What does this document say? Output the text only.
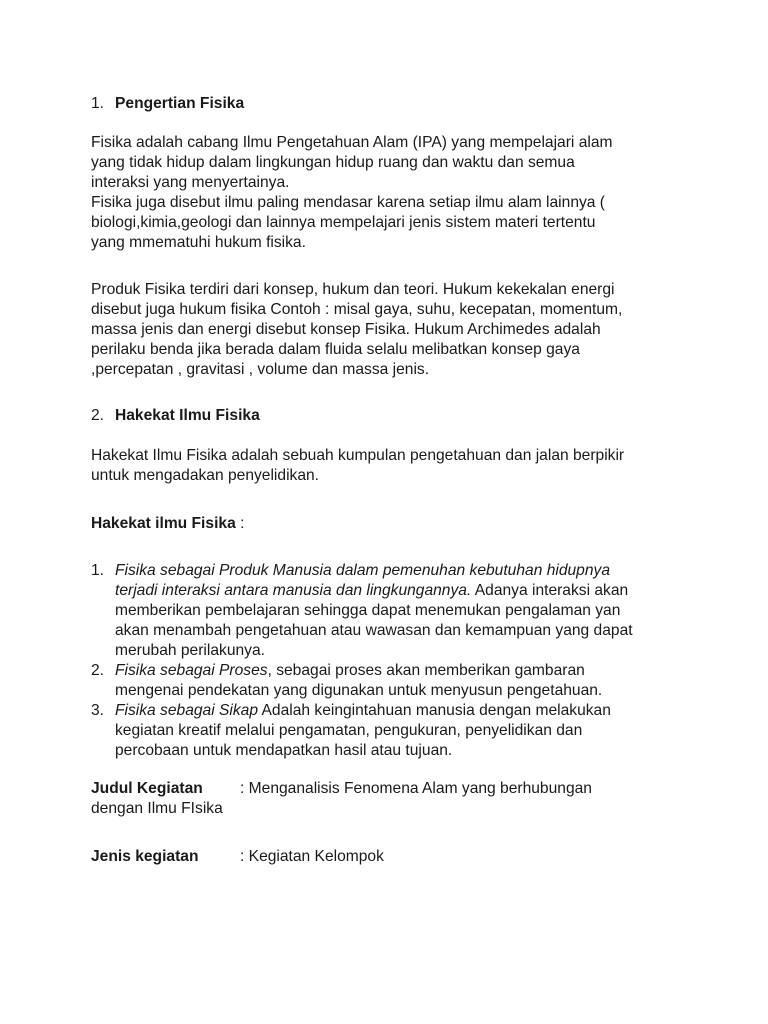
1. Pengertian Fisika
Fisika adalah cabang Ilmu Pengetahuan Alam (IPA) yang mempelajari alam
yang tidak hidup dalam lingkungan hidup ruang dan waktu dan semua
interaksi yang menyertainya.
Fisika juga disebut ilmu paling mendasar karena setiap ilmu alam lainnya (
biologi,kimia,geologi dan lainnya mempelajari jenis sistem materi tertentu
yang mmematuhi hukum fisika.
Produk Fisika terdiri dari konsep, hukum dan teori. Hukum kekekalan energi
disebut juga hukum fisika Contoh : misal gaya, suhu, kecepatan, momentum,
massa jenis dan energi disebut konsep Fisika. Hukum Archimedes adalah
perilaku benda jika berada dalam fluida selalu melibatkan konsep gaya
,percepatan , gravitasi , volume dan massa jenis.
2. Hakekat Ilmu Fisika
Hakekat Ilmu Fisika adalah sebuah kumpulan pengetahuan dan jalan berpikir
untuk mengadakan penyelidikan.
Hakekat ilmu Fisika :
1. Fisika sebagai Produk Manusia dalam pemenuhan kebutuhan hidupnya
terjadi interaksi antara manusia dan lingkungannya. Adanya interaksi akan
memberikan pembelajaran sehingga dapat menemukan pengalaman yan
akan menambah pengetahuan atau wawasan dan kemampuan yang dapat
merubah perilakunya.
2. Fisika sebagai Proses, sebagai proses akan memberikan gambaran
mengenai pendekatan yang digunakan untuk menyusun pengetahuan.
3. Fisika sebagai Sikap Adalah keingintahuan manusia dengan melakukan
kegiatan kreatif melalui pengamatan, pengukuran, penyelidikan dan
percobaan untuk mendapatkan hasil atau tujuan.
Judul Kegiatan : Menganalisis Fenomena Alam yang berhubungan
dengan Ilmu FIsika
Jenis kegiatan	: Kegiatan Kelompok
